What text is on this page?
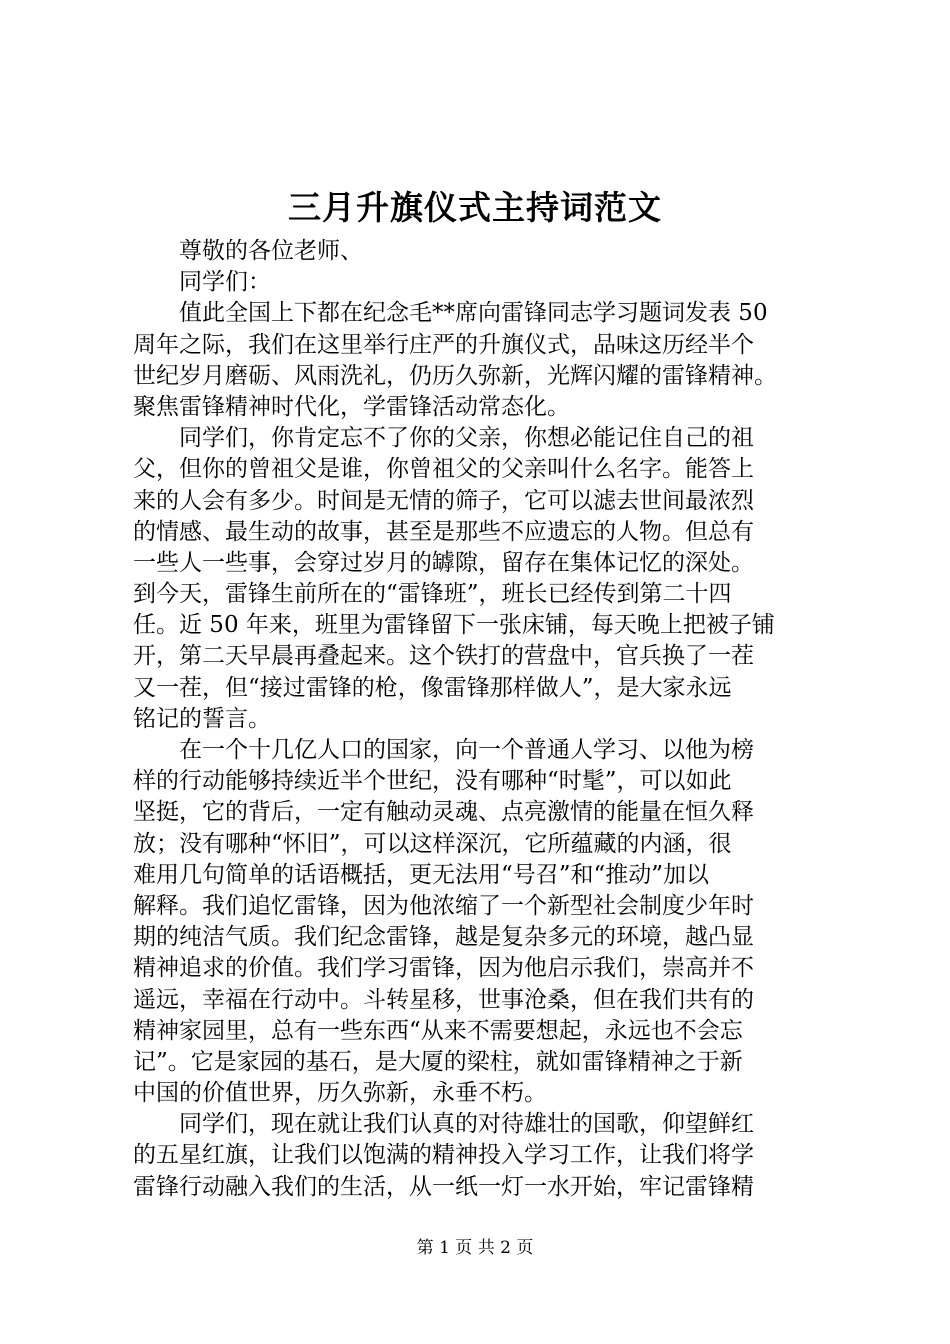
三月升旗仪式主持词范文
尊敬的各位老师、
同学们：
值此全国上下都在纪念毛**席向雷锋同志学习题词发表 50
周年之际，我们在这里举行庄严的升旗仪式，品味这历经半个
世纪岁月磨砺、风雨洗礼，仍历久弥新，光辉闪耀的雷锋精神。
聚焦雷锋精神时代化，学雷锋活动常态化。
同学们，你肯定忘不了你的父亲，你想必能记住自己的祖
父，但你的曾祖父是谁，你曾祖父的父亲叫什么名字。能答上
来的人会有多少。时间是无情的筛子，它可以滤去世间最浓烈
的情感、最生动的故事，甚至是那些不应遗忘的人物。但总有
一些人一些事，会穿过岁月的罅隙，留存在集体记忆的深处。
到今天，雷锋生前所在的“雷锋班”，班长已经传到第二十四
任。近 50 年来，班里为雷锋留下一张床铺，每天晚上把被子铺
开，第二天早晨再叠起来。这个铁打的营盘中，官兵换了一茬
又一茬，但“接过雷锋的枪，像雷锋那样做人”，是大家永远
铭记的誓言。
在一个十几亿人口的国家，向一个普通人学习、以他为榜
样的行动能够持续近半个世纪，没有哪种“时髦”，可以如此
坚挺，它的背后，一定有触动灵魂、点亮激情的能量在恒久释
放；没有哪种“怀旧”，可以这样深沉，它所蕴藏的内涵，很
难用几句简单的话语概括，更无法用“号召”和“推动”加以
解释。我们追忆雷锋，因为他浓缩了一个新型社会制度少年时
期的纯洁气质。我们纪念雷锋，越是复杂多元的环境，越凸显
精神追求的价值。我们学习雷锋，因为他启示我们，崇高并不
遥远，幸福在行动中。斗转星移，世事沧桑，但在我们共有的
精神家园里，总有一些东西“从来不需要想起，永远也不会忘
记”。它是家园的基石，是大厦的梁柱，就如雷锋精神之于新
中国的价值世界，历久弥新，永垂不朽。
同学们，现在就让我们认真的对待雄壮的国歌，仰望鲜红
的五星红旗，让我们以饱满的精神投入学习工作，让我们将学
雷锋行动融入我们的生活，从一纸一灯一水开始，牢记雷锋精
第 1 页 共 2 页
